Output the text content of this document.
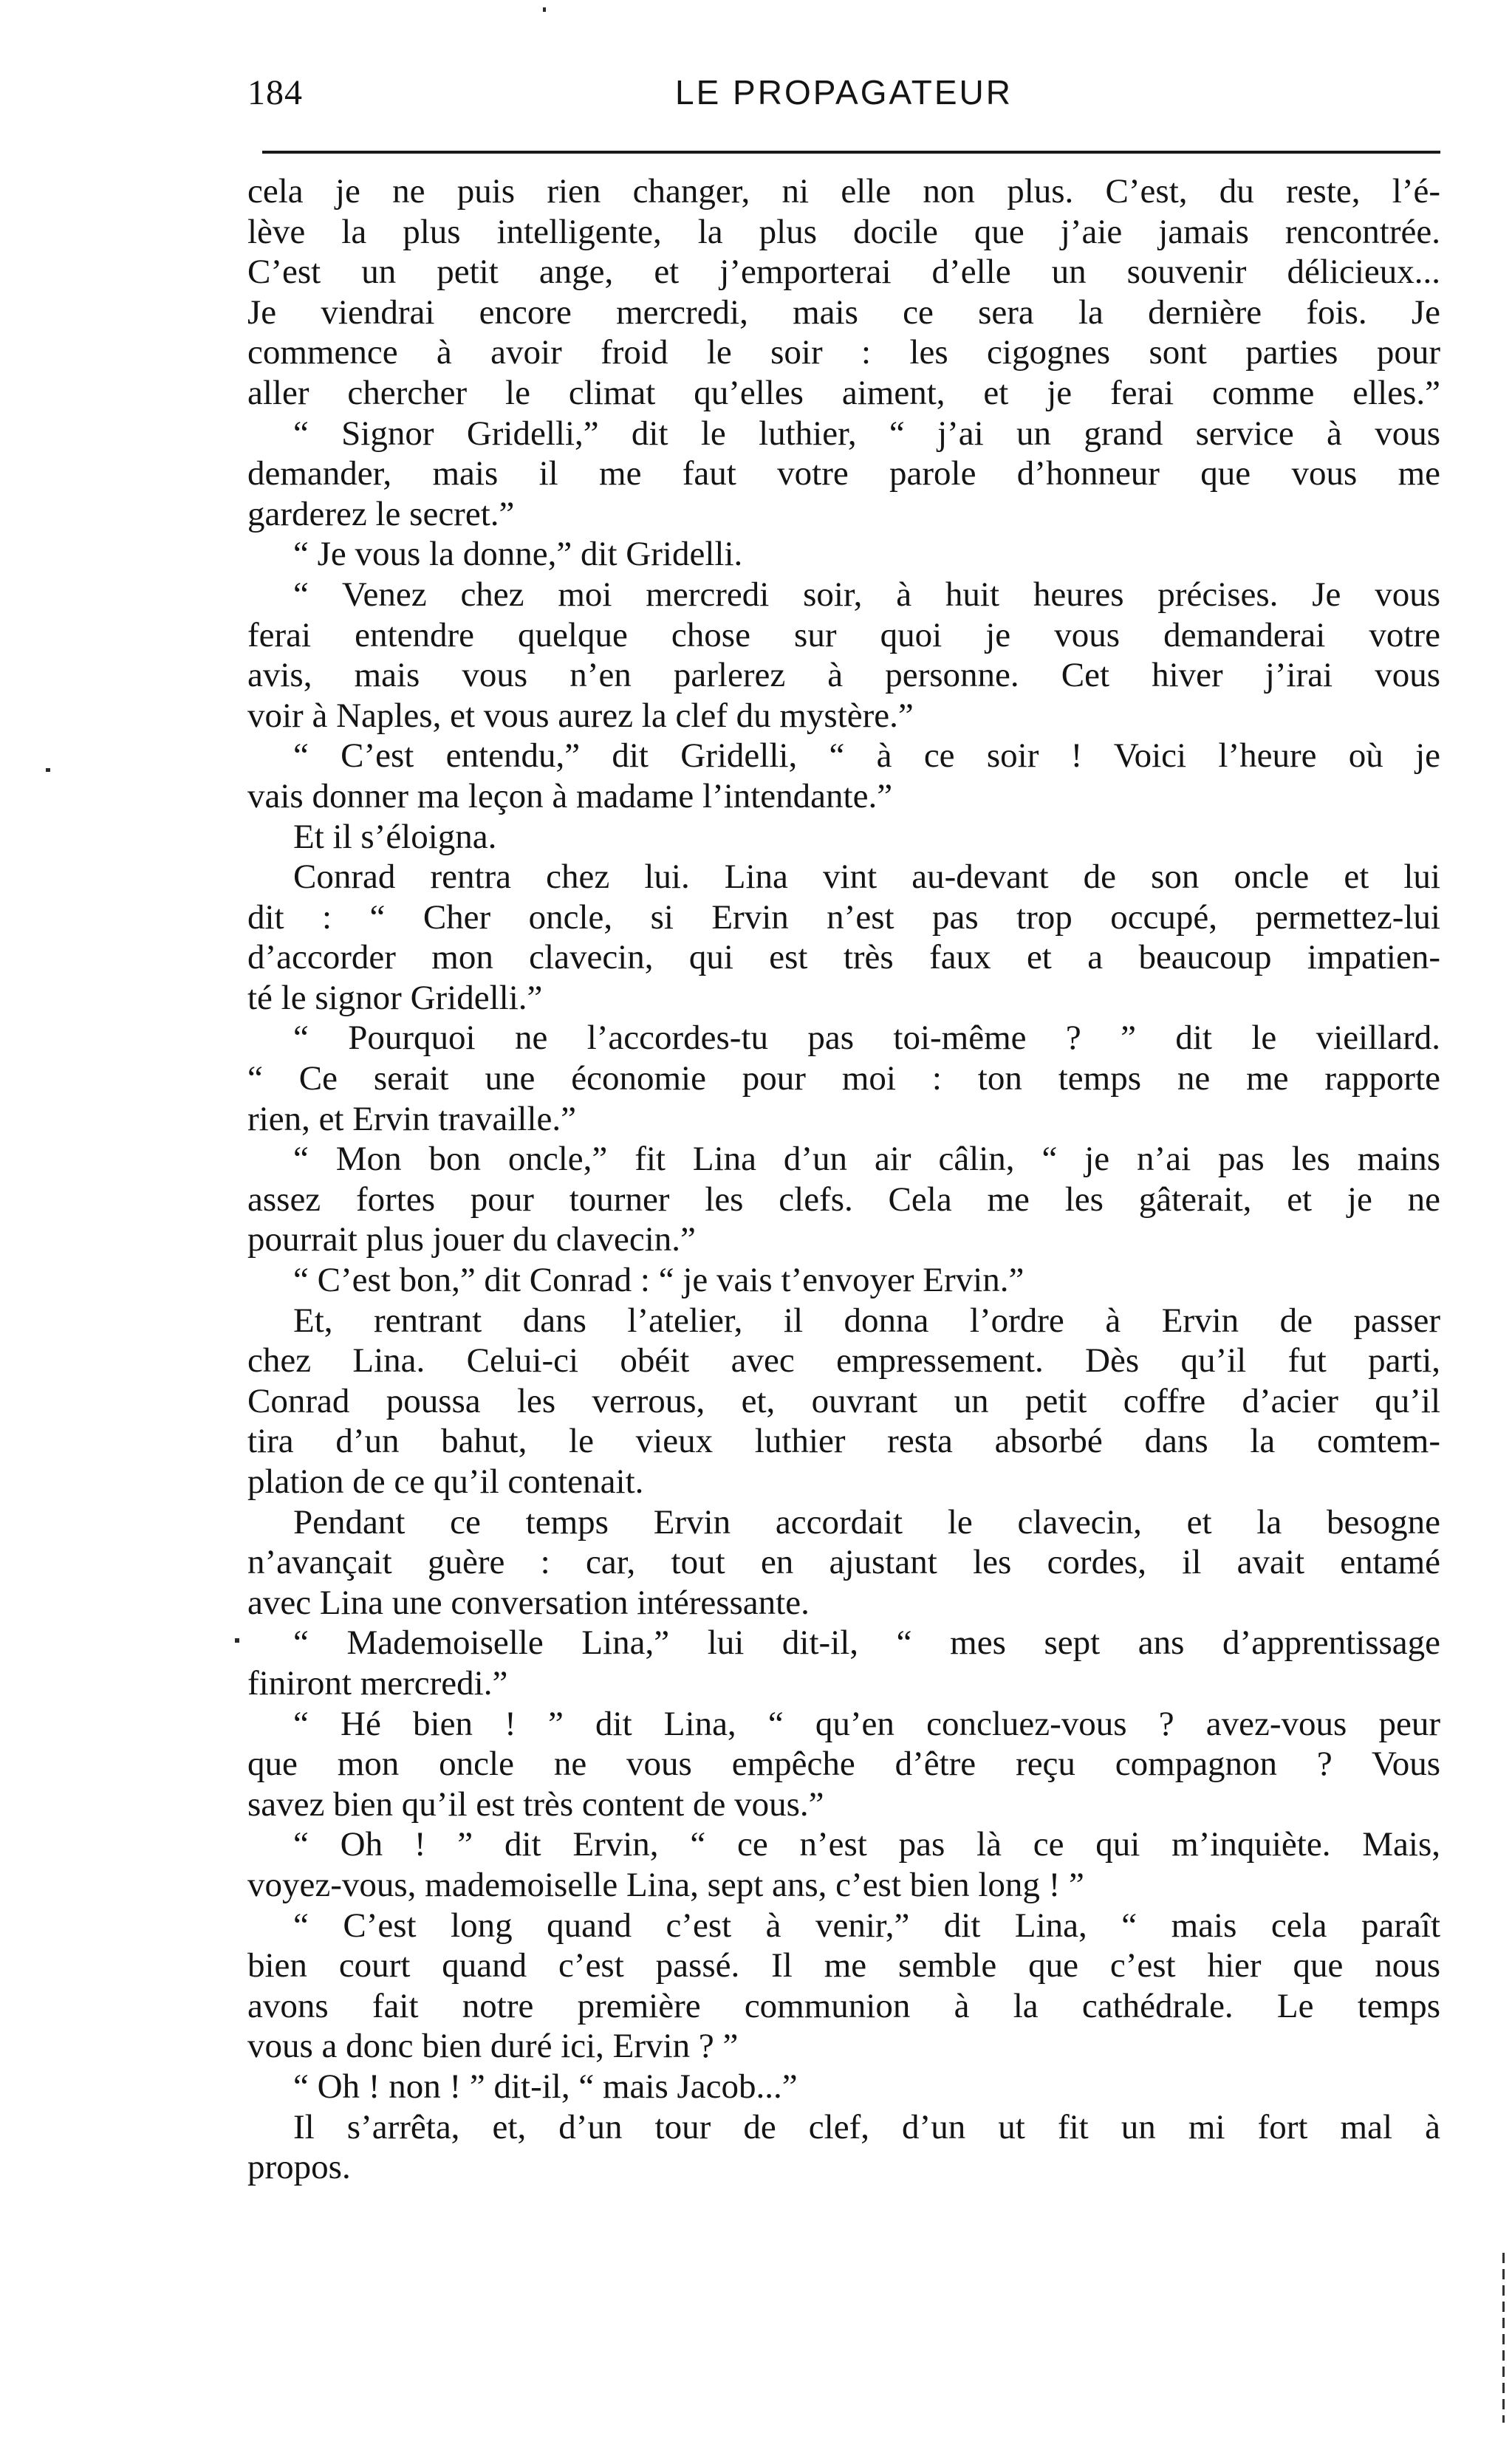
184	LE PROPAGATEUR
cela je ne puis rien changer, ni elle non plus. C’est, du reste, l’é-
lève la plus intelligente, la plus docile que j’aie jamais rencontrée.
C’est un petit ange, et j’emporterai d’elle un souvenir délicieux...
Je viendrai encore mercredi, mais ce sera la dernière fois. Je
commence à avoir froid le soir : les cigognes sont parties pour
aller chercher le climat qu’elles aiment, et je ferai comme elles.”
“ Signor Gridelli,” dit le luthier, “ j’ai un grand service à vous
demander, mais il me faut votre parole d’honneur que vous me
garderez le secret.”
“ Je vous la donne,” dit Gridelli.
“ Venez chez moi mercredi soir, à huit heures précises. Je vous
ferai entendre quelque chose sur quoi je vous demanderai votre
avis, mais vous n’en parlerez à personne. Cet hiver j’irai vous
voir à Naples, et vous aurez la clef du mystère.”
“ C’est entendu,” dit Gridelli, “ à ce soir ! Voici l’heure où je
vais donner ma leçon à madame l’intendante.”
Et il s’éloigna.
Conrad rentra chez lui. Lina vint au-devant de son oncle et lui
dit : “ Cher oncle, si Ervin n’est pas trop occupé, permettez-lui
d’accorder mon clavecin, qui est très faux et a beaucoup impatien-
té le signor Gridelli.”
“ Pourquoi ne l’accordes-tu pas toi-même ? ” dit le vieillard.
“ Ce serait une économie pour moi : ton temps ne me rapporte
rien, et Ervin travaille.”
“ Mon bon oncle,” fit Lina d’un air câlin, “ je n’ai pas les mains
assez fortes pour tourner les clefs. Cela me les gâterait, et je ne
pourrait plus jouer du clavecin.”
“ C’est bon,” dit Conrad : “ je vais t’envoyer Ervin.”
Et, rentrant dans l’atelier, il donna l’ordre à Ervin de passer
chez Lina. Celui-ci obéit avec empressement. Dès qu’il fut parti,
Conrad poussa les verrous, et, ouvrant un petit coffre d’acier qu’il
tira d’un bahut, le vieux luthier resta absorbé dans la comtem-
plation de ce qu’il contenait.
Pendant ce temps Ervin accordait le clavecin, et la besogne
n’avançait guère : car, tout en ajustant les cordes, il avait entamé
avec Lina une conversation intéressante.
“ Mademoiselle Lina,” lui dit-il, “ mes sept ans d’apprentissage
finiront mercredi.”
“ Hé bien ! ” dit Lina, “ qu’en concluez-vous ? avez-vous peur
que mon oncle ne vous empêche d’être reçu compagnon ? Vous
savez bien qu’il est très content de vous.”
“ Oh ! ” dit Ervin, “ ce n’est pas là ce qui m’inquiète. Mais,
voyez-vous, mademoiselle Lina, sept ans, c’est bien long ! ”
“ C’est long quand c’est à venir,” dit Lina, “ mais cela paraît
bien court quand c’est passé. Il me semble que c’est hier que nous
avons fait notre première communion à la cathédrale. Le temps
vous a donc bien duré ici, Ervin ? ”
“ Oh ! non ! ” dit-il, “ mais Jacob...”
Il s’arrêta, et, d’un tour de clef, d’un ut fit un mi fort mal à
propos.
